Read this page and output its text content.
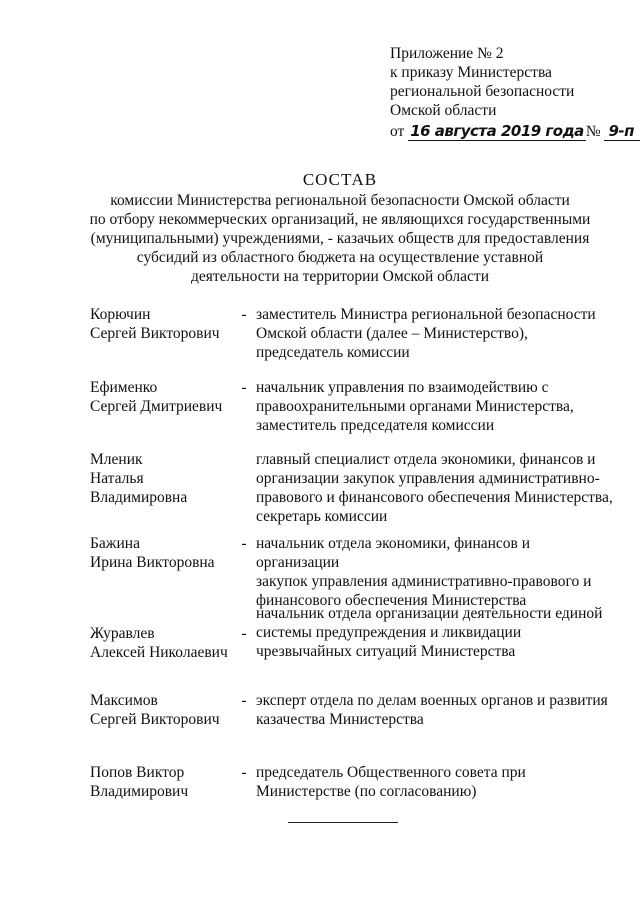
Приложение № 2
к приказу Министерства
региональной безопасности
Омской области
от 16 августа 2019 года № 9-п
СОСТАВ
комиссии Министерства региональной безопасности Омской области
по отбору некоммерческих организаций, не являющихся государственными
(муниципальными) учреждениями, - казачьих обществ для предоставления
субсидий из областного бюджета на осуществление уставной
деятельности на территории Омской области
Корючин
Сергей Викторович
- заместитель Министра региональной безопасности
Омской области (далее – Министерство),
председатель комиссии
Ефименко
Сергей Дмитриевич
- начальник управления по взаимодействию с
правоохранительными органами Министерства,
заместитель председателя комиссии
Мленик
Наталья
Владимировна
главный специалист отдела экономики, финансов и
организации закупок управления административно-
правового и финансового обеспечения Министерства,
секретарь комиссии
Бажина
Ирина Викторовна
- начальник отдела экономики, финансов и организации
закупок управления административно-правового и
финансового обеспечения Министерства
Журавлев
Алексей Николаевич
-
начальник отдела организации деятельности единой
системы предупреждения и ликвидации
чрезвычайных ситуаций Министерства
Максимов
Сергей Викторович
- эксперт отдела по делам военных органов и развития
казачества Министерства
Попов Виктор
Владимирович
- председатель Общественного совета при
Министерстве (по согласованию)
